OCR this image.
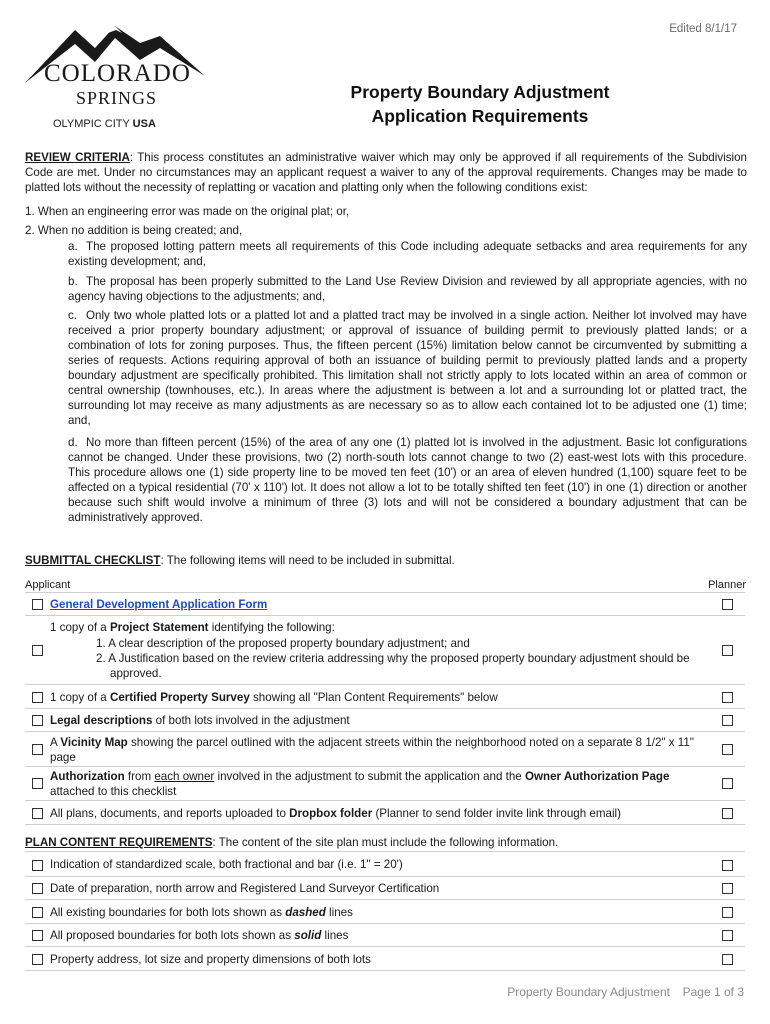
Edited 8/1/17
COLORADO
SPRINGS
OLYMPIC CITY USA
Property Boundary Adjustment
Application Requirements
REVIEW CRITERIA: This process constitutes an administrative waiver which may only be approved if all requirements of the Subdivision Code are met. Under no circumstances may an applicant request a waiver to any of the approval requirements. Changes may be made to platted lots without the necessity of replatting or vacation and platting only when the following conditions exist:
1. When an engineering error was made on the original plat; or,
2. When no addition is being created; and,
a. The proposed lotting pattern meets all requirements of this Code including adequate setbacks and area requirements for any existing development; and,
b. The proposal has been properly submitted to the Land Use Review Division and reviewed by all appropriate agencies, with no agency having objections to the adjustments; and,
c. Only two whole platted lots or a platted lot and a platted tract may be involved in a single action. Neither lot involved may have received a prior property boundary adjustment; or approval of issuance of building permit to previously platted lands; or a combination of lots for zoning purposes. Thus, the fifteen percent (15%) limitation below cannot be circumvented by submitting a series of requests. Actions requiring approval of both an issuance of building permit to previously platted lands and a property boundary adjustment are specifically prohibited. This limitation shall not strictly apply to lots located within an area of common or central ownership (townhouses, etc.). In areas where the adjustment is between a lot and a surrounding lot or platted tract, the surrounding lot may receive as many adjustments as are necessary so as to allow each contained lot to be adjusted one (1) time; and,
d. No more than fifteen percent (15%) of the area of any one (1) platted lot is involved in the adjustment. Basic lot configurations cannot be changed. Under these provisions, two (2) north-south lots cannot change to two (2) east-west lots with this procedure. This procedure allows one (1) side property line to be moved ten feet (10') or an area of eleven hundred (1,100) square feet to be affected on a typical residential (70' x 110') lot. It does not allow a lot to be totally shifted ten feet (10') in one (1) direction or another because such shift would involve a minimum of three (3) lots and will not be considered a boundary adjustment that can be administratively approved.
SUBMITTAL CHECKLIST: The following items will need to be included in submittal.
Applicant	Planner
General Development Application Form
1 copy of a Project Statement identifying the following:
1. A clear description of the proposed property boundary adjustment; and
2. A Justification based on the review criteria addressing why the proposed property boundary adjustment should be approved.
1 copy of a Certified Property Survey showing all "Plan Content Requirements" below
Legal descriptions of both lots involved in the adjustment
A Vicinity Map showing the parcel outlined with the adjacent streets within the neighborhood noted on a separate 8 1/2" x 11" page
Authorization from each owner involved in the adjustment to submit the application and the Owner Authorization Page attached to this checklist
All plans, documents, and reports uploaded to Dropbox folder (Planner to send folder invite link through email)
PLAN CONTENT REQUIREMENTS: The content of the site plan must include the following information.
Indication of standardized scale, both fractional and bar (i.e. 1" = 20')
Date of preparation, north arrow and Registered Land Surveyor Certification
All existing boundaries for both lots shown as dashed lines
All proposed boundaries for both lots shown as solid lines
Property address, lot size and property dimensions of both lots
Property Boundary Adjustment Page 1 of 3
